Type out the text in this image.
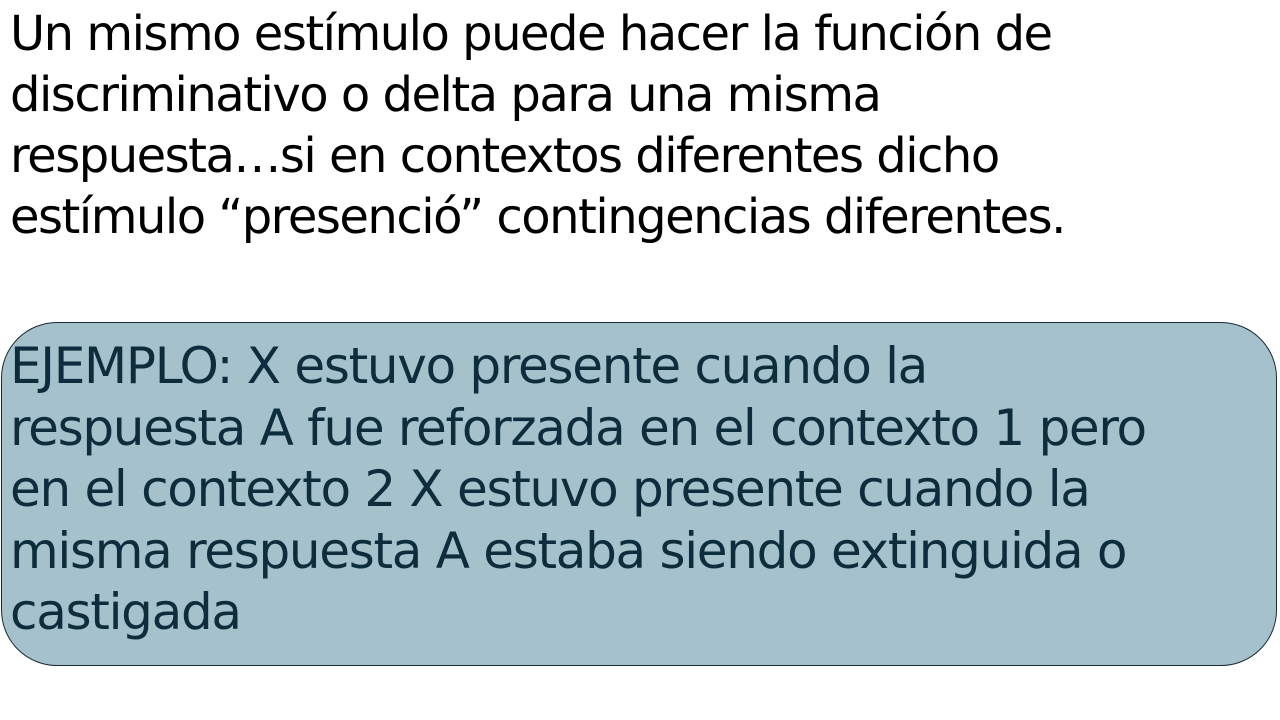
Un mismo estímulo puede hacer la función de
discriminativo o delta para una misma
respuesta…si en contextos diferentes dicho
estímulo “presenció” contingencias diferentes.

EJEMPLO: X estuvo presente cuando la
respuesta A fue reforzada en el contexto 1 pero
en el contexto 2 X estuvo presente cuando la
misma respuesta A estaba siendo extinguida o
castigada
